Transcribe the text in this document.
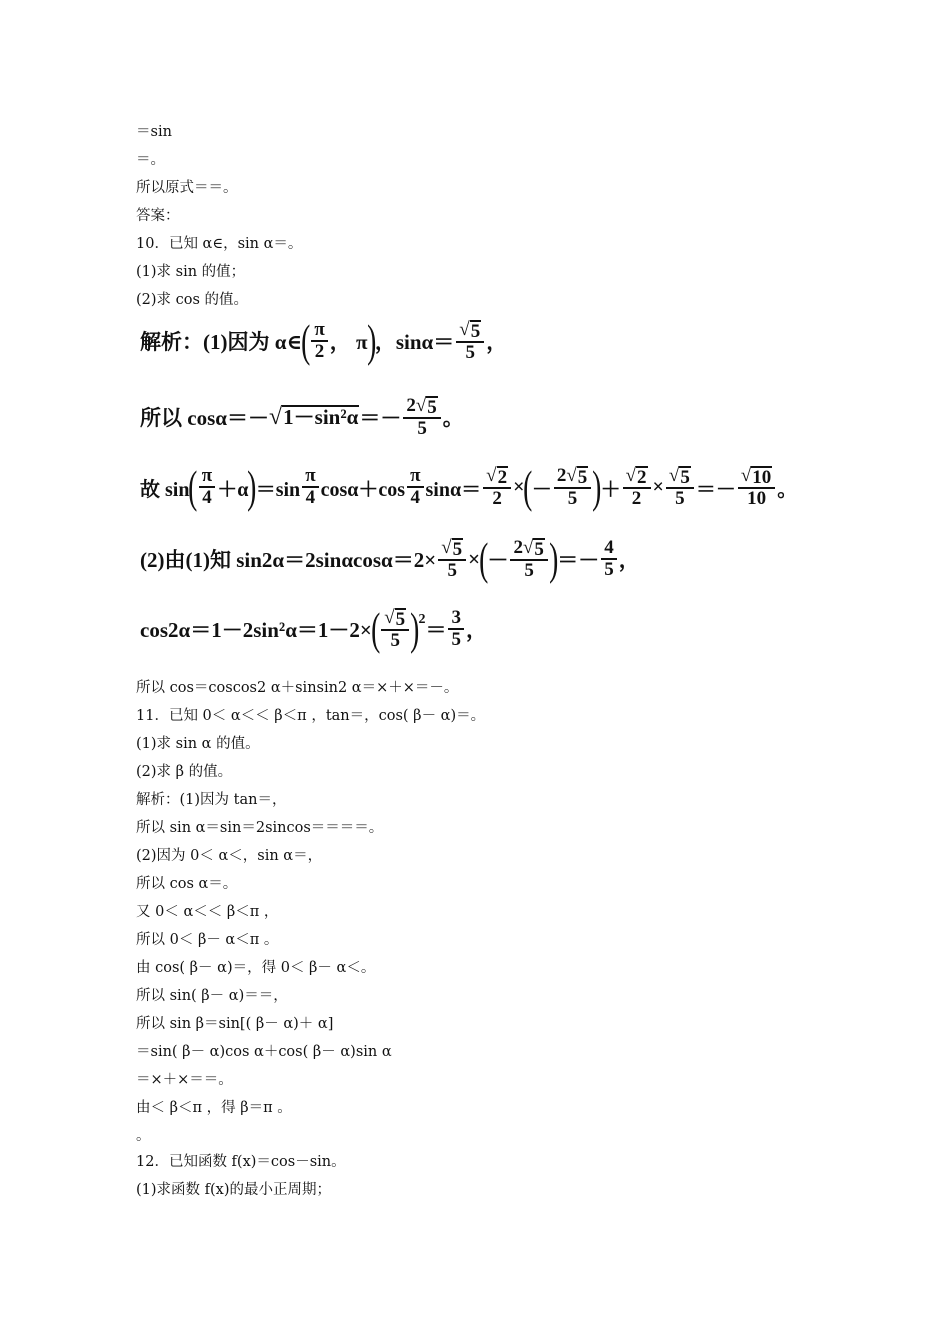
＝sin
＝。
所以原式＝＝。
答案：
10．已知 α∈，sin α＝。
(1)求 sin 的值；
(2)求 cos 的值。
解析：(1)因为 α∈ ( $\frac{\pi}{2}$ ， π ) ，$\sin\alpha= \frac{√ 5}{5}$ ，
所以 cosα＝－ √ $1-\sin^2\alpha =- \frac{2 √ 5}{5}$ 。
故 sin ( $\frac{\pi}{4} +\alpha$ ) $=\sin \frac{\pi}{4} \cos\alpha+\cos \frac{\pi}{4} \sin\alpha= \frac{√ 2}{2}$ × ( － $\frac{2 √ 5}{5}$ ) ＋ $\frac{√ 2}{2} \times \frac{√ 5}{5} =- \frac{√ 10}{10}$ 。
(2)由(1)知 $\sin 2\alpha=2\sin\alpha\cos\alpha=2\times \frac{√ 5}{5}$ × ( － $\frac{2 √ 5}{5}$ ) ＝－ $\frac{4}{5}$ ，
cos2α＝1－2sin²α＝1－2× ( $\frac{√ 5}{5}$ ) $2 = \frac{3}{5}$ ，
所以 cos＝coscos2 α＋sinsin2 α＝×＋×＝－。
11．已知 0＜ α＜＜ β＜π ，tan＝，cos( β－ α)＝。
(1)求 sin α 的值。
(2)求 β 的值。
解析：(1)因为 tan＝，
所以 sin α＝sin＝2sincos＝＝＝＝。
(2)因为 0＜ α＜，sin α＝，
所以 cos α＝。
又 0＜ α＜＜ β＜π ，
所以 0＜ β－ α＜π 。
由 cos( β－ α)＝，得 0＜ β－ α＜。
所以 sin( β－ α)＝＝，
所以 sin β＝sin[( β－ α)＋ α]
＝sin( β－ α)cos α＋cos( β－ α)sin α
＝×＋×＝＝。
由＜ β＜π ，得 β＝π 。
。
12．已知函数 f(x)＝cos－sin。
(1)求函数 f(x)的最小正周期；
